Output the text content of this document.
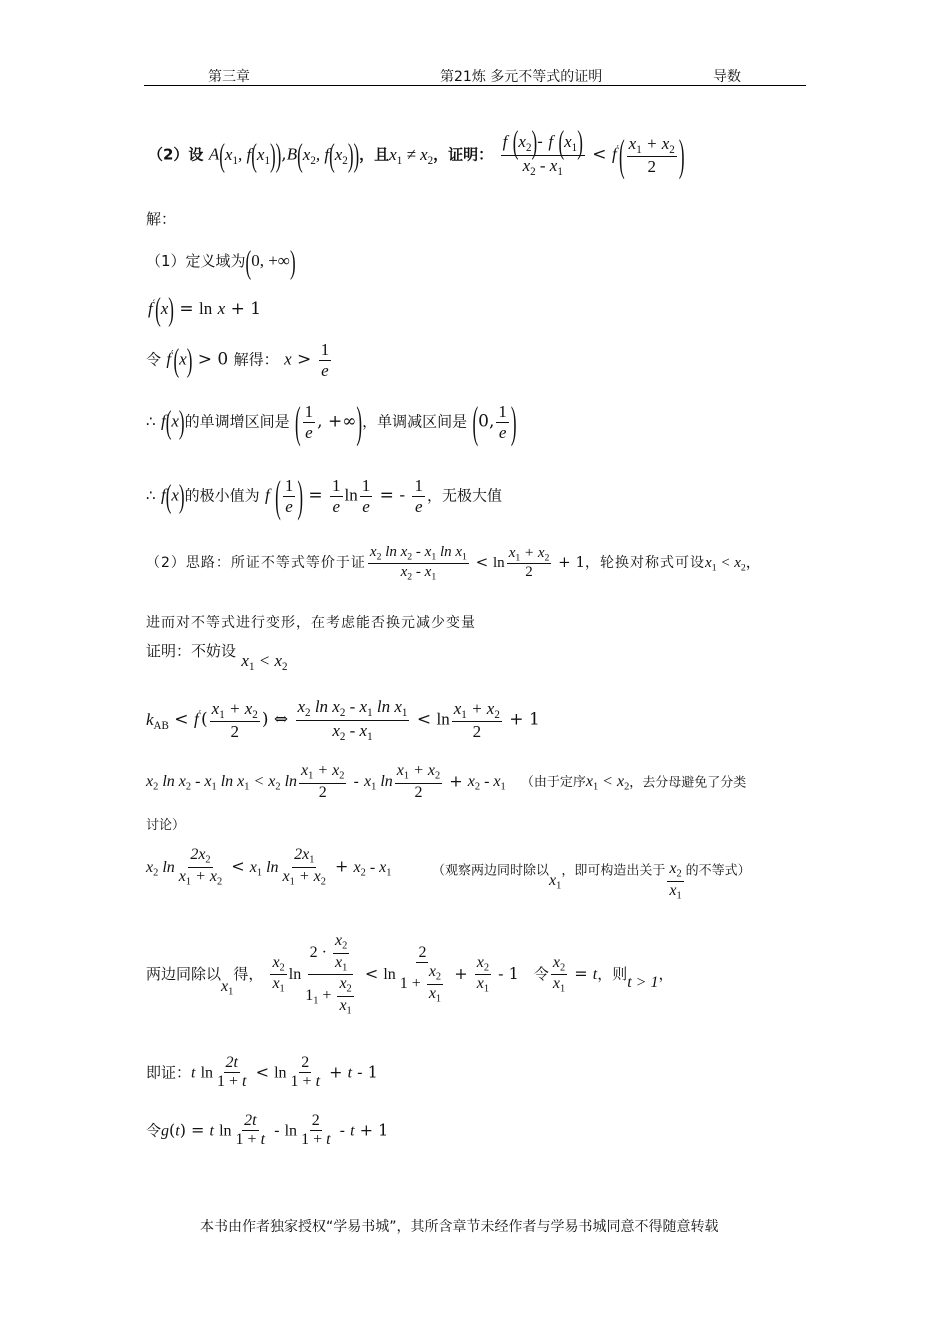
第三章	第21炼 多元不等式的证明	导数
（2）设 $A(x_1$, $f(x_1)),B(x_2$, $f(x_2)$)，且$x_1 \ne x_2$，证明： $\frac{f (x_2)- f (x_1)}{x_2 - x_1} < f'( \frac{x_1 + x_2}{2}$ )
解：
（1）定义域为(0, +∞)
f′(x) = ln x + 1
令 f′(x) > 0 解得： $x > \frac{1}{e}$
∴ f(x)的单调增区间是 ( $\frac{1}{e}$ , +∞)，单调减区间是 (0, $\frac{1}{e}$ )
∴ f(x)的极小值为 f ( $\frac{1}{e}$ ) = $\frac{1}{e}$ $\ln \frac{1}{e}$ = - $\frac{1}{e}$ ，无极大值
（2）思路：所证不等式等价于证 $\frac{x_2 \ln x_2 - x_1 \ln x_1}{x_2 - x_1} < \ln \frac{x_1 + x_2}{2} + 1$，轮换对称式可设$x_1 < x_2$，
进而对不等式进行变形，在考虑能否换元减少变量
证明：不妨设 $x_1 < x_2$
$k_{AB} < f'( \frac{x_1 + x_2}{2}$ ) ⇔ $\frac{x_2 \ln x_2 - x_1 \ln x_1}{x_2 - x_1} < \ln \frac{x_1 + x_2}{2} + 1$
$x_2$ $\ln x_2 - x_1$ $\ln x_1 < x_2$ $\ln \frac{x_1 + x_2}{2} - x_1$ $\ln \frac{x_1 + x_2}{2} + x_2 - x_1$ （由于定序$x_1 < x_2$，去分母避免了分类
讨论）
$x_2$ $\ln \frac{2x_2}{x_1 + x_2} < x_1$ $\ln \frac{2x_1}{x_1 + x_2} + x_2 - x_1$	（观察两边同时除以$x_1$，即可构造出关于 $\frac{x_2}{x_1}$ 的不等式）
两边同除以$x_1$得， $\frac{x_2}{x_1}$ $\ln \frac{2 \cdot \frac{x_2}{x_1}}{1_1 + \frac{x_2}{x_1}} < \ln \frac{2}{1 + \frac{x_2}{x_1}} + \frac{x_2}{x_1} - 1$ 令 $\frac{x_2}{x_1} = t$，则t > 1，
即证：t $\ln \frac{2t}{1 + t} < \ln \frac{2}{1 + t} + t - 1$
令g(t) = t $\ln \frac{2t}{1 + t} - \ln \frac{2}{1 + t} - t + 1$
本书由作者独家授权“学易书城”，其所含章节未经作者与学易书城同意不得随意转载
